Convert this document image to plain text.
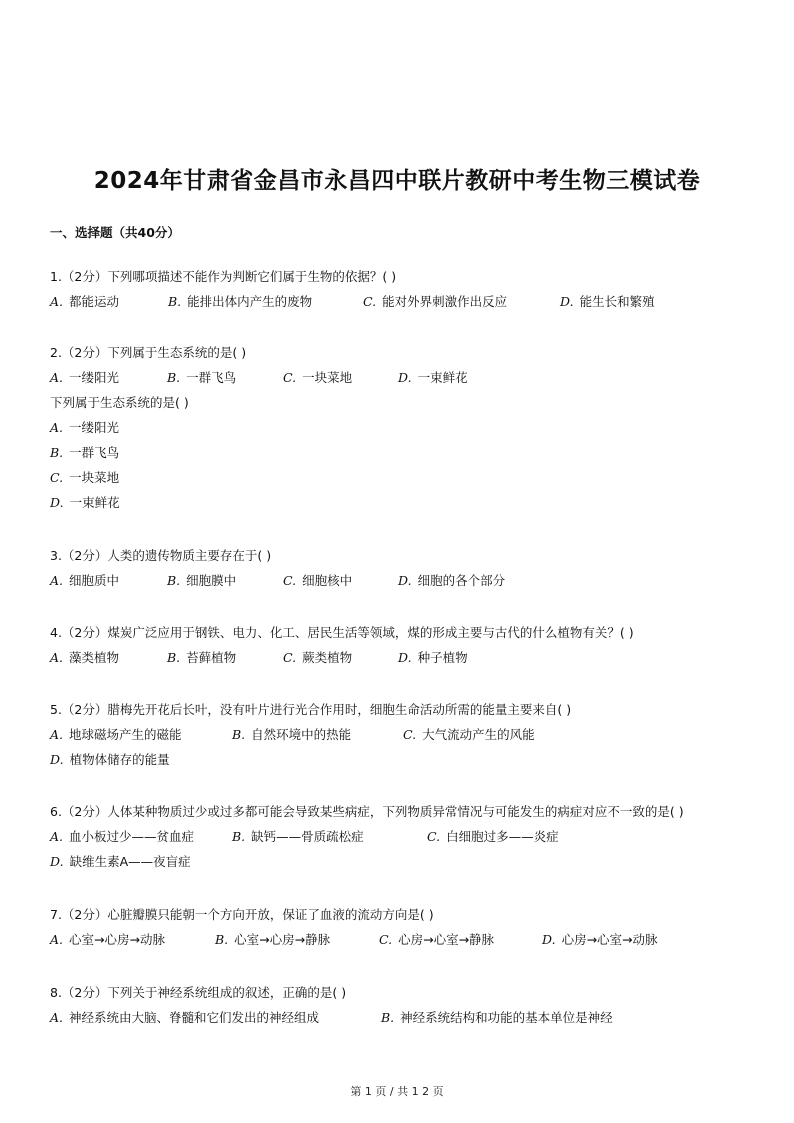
2024年甘肃省金昌市永昌四中联片教研中考生物三模试卷
一、选择题（共40分）
1.（2分）下列哪项描述不能作为判断它们属于生物的依据？( )
A. 都能运动	B. 能排出体内产生的废物	C. 能对外界刺激作出反应	D. 能生长和繁殖
2.（2分）下列属于生态系统的是( )
A. 一缕阳光	B. 一群飞鸟	C. 一块菜地	D. 一束鲜花
下列属于生态系统的是( )
A. 一缕阳光
B. 一群飞鸟
C. 一块菜地
D. 一束鲜花
3.（2分）人类的遗传物质主要存在于( )
A. 细胞质中	B. 细胞膜中	C. 细胞核中	D. 细胞的各个部分
4.（2分）煤炭广泛应用于钢铁、电力、化工、居民生活等领域，煤的形成主要与古代的什么植物有关？( )
A. 藻类植物	B. 苔藓植物	C. 蕨类植物	D. 种子植物
5.（2分）腊梅先开花后长叶，没有叶片进行光合作用时，细胞生命活动所需的能量主要来自( )
A. 地球磁场产生的磁能	B. 自然环境中的热能	C. 大气流动产生的风能
D. 植物体储存的能量
6.（2分）人体某种物质过少或过多都可能会导致某些病症，下列物质异常情况与可能发生的病症对应不一致的是( )
A. 血小板过少——贫血症	B. 缺钙——骨质疏松症	C. 白细胞过多——炎症
D. 缺维生素A——夜盲症
7.（2分）心脏瓣膜只能朝一个方向开放，保证了血液的流动方向是( )
A. 心室→心房→动脉	B. 心室→心房→静脉	C. 心房→心室→静脉	D. 心房→心室→动脉
8.（2分）下列关于神经系统组成的叙述，正确的是( )
A. 神经系统由大脑、脊髓和它们发出的神经组成	B. 神经系统结构和功能的基本单位是神经
第 1 页 / 共 1 2 页
